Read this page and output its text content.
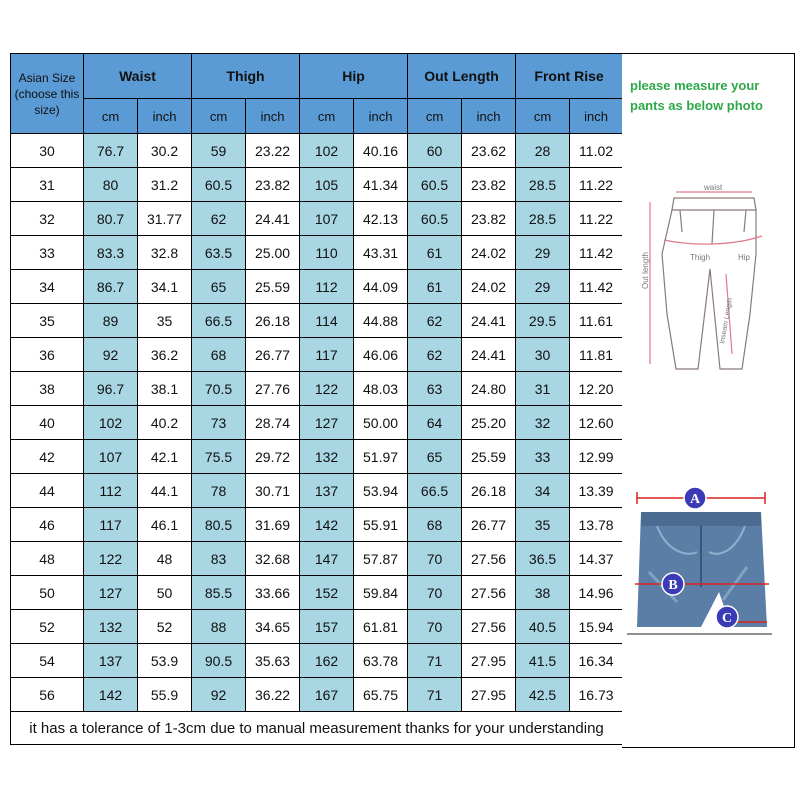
Asian Size (choose this size)	Waist		Thigh		Hip		Out Length		Front Rise	
	cm	inch	cm	inch	cm	inch	cm	inch	cm	inch
30	76.7	30.2	59	23.22	102	40.16	60	23.62	28	11.02
31	80	31.2	60.5	23.82	105	41.34	60.5	23.82	28.5	11.22
32	80.7	31.77	62	24.41	107	42.13	60.5	23.82	28.5	11.22
33	83.3	32.8	63.5	25.00	110	43.31	61	24.02	29	11.42
34	86.7	34.1	65	25.59	112	44.09	61	24.02	29	11.42
35	89	35	66.5	26.18	114	44.88	62	24.41	29.5	11.61
36	92	36.2	68	26.77	117	46.06	62	24.41	30	11.81
38	96.7	38.1	70.5	27.76	122	48.03	63	24.80	31	12.20
40	102	40.2	73	28.74	127	50.00	64	25.20	32	12.60
42	107	42.1	75.5	29.72	132	51.97	65	25.59	33	12.99
44	112	44.1	78	30.71	137	53.94	66.5	26.18	34	13.39
46	117	46.1	80.5	31.69	142	55.91	68	26.77	35	13.78
48	122	48	83	32.68	147	57.87	70	27.56	36.5	14.37
50	127	50	85.5	33.66	152	59.84	70	27.56	38	14.96
52	132	52	88	34.65	157	61.81	70	27.56	40.5	15.94
54	137	53.9	90.5	35.63	162	63.78	71	27.95	41.5	16.34
56	142	55.9	92	36.22	167	65.75	71	27.95	42.5	16.73
it has a tolerance of 1-3cm due to manual measurement thanks for your understanding										
please measure your pants as below photo
waist
Thigh	Hip
Out length
Inseam Length
A
B
C
